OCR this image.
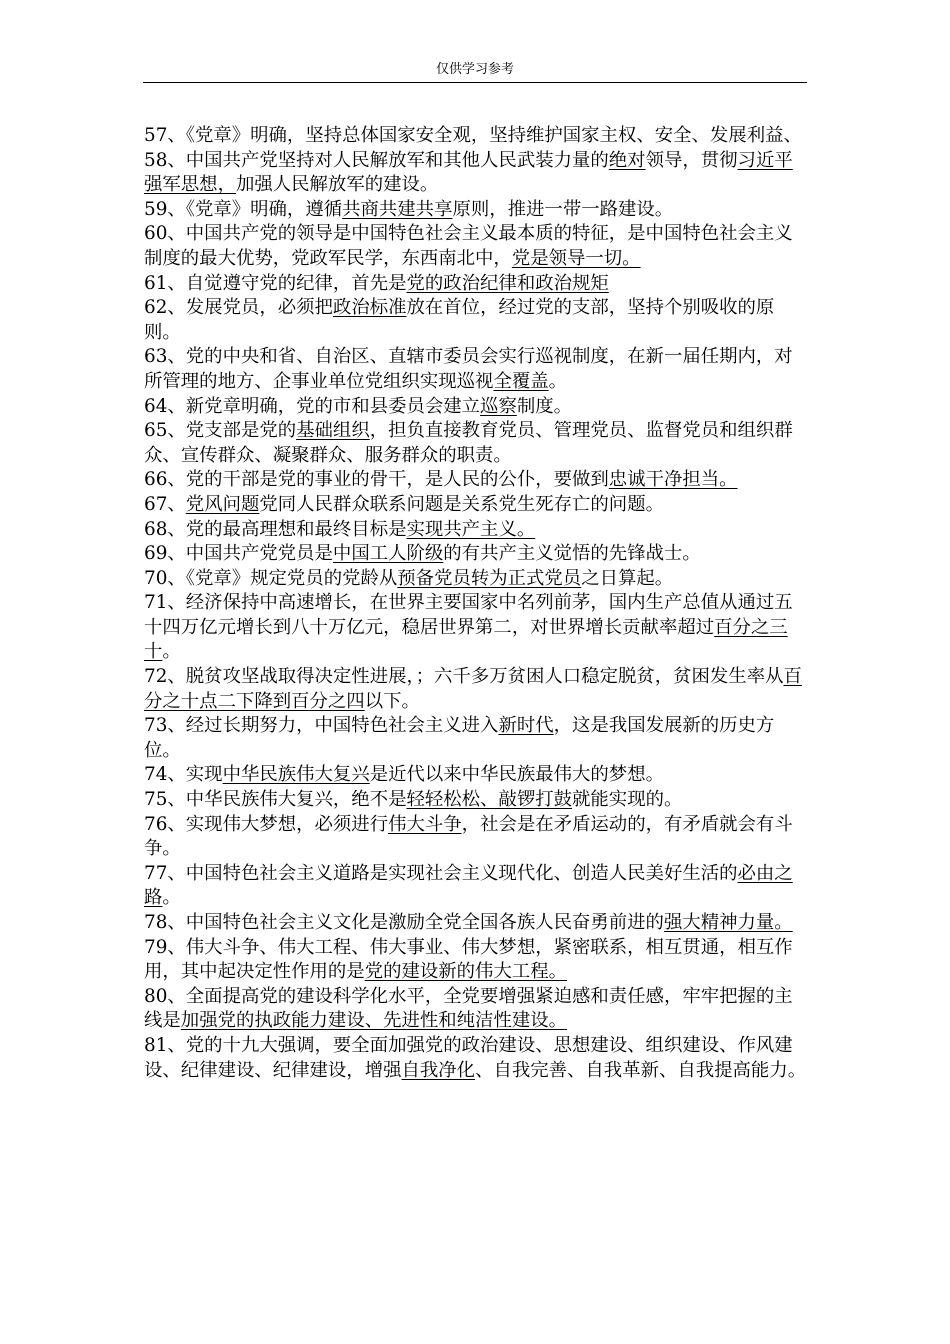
仅供学习参考

57、《党章》明确，坚持总体国家安全观，坚持维护国家主权、安全、发展利益、

58、中国共产党坚持对人民解放军和其他人民武装力量的绝对领导，贯彻习近平强军思想，加强人民解放军的建设。

59、《党章》明确，遵循共商共建共享原则，推进一带一路建设。

60、中国共产党的领导是中国特色社会主义最本质的特征，是中国特色社会主义制度的最大优势，党政军民学，东西南北中，党是领导一切。

61、自觉遵守党的纪律，首先是党的政治纪律和政治规矩

62、发展党员，必须把政治标准放在首位，经过党的支部，坚持个别吸收的原则。

63、党的中央和省、自治区、直辖市委员会实行巡视制度，在新一届任期内，对所管理的地方、企事业单位党组织实现巡视全覆盖。

64、新党章明确，党的市和县委员会建立巡察制度。

65、党支部是党的基础组织，担负直接教育党员、管理党员、监督党员和组织群众、宣传群众、凝聚群众、服务群众的职责。

66、党的干部是党的事业的骨干，是人民的公仆，要做到忠诚干净担当。

67、党风问题党同人民群众联系问题是关系党生死存亡的问题。

68、党的最高理想和最终目标是实现共产主义。

69、中国共产党党员是中国工人阶级的有共产主义觉悟的先锋战士。

70、《党章》规定党员的党龄从预备党员转为正式党员之日算起。

71、经济保持中高速增长，在世界主要国家中名列前茅，国内生产总值从通过五十四万亿元增长到八十万亿元，稳居世界第二，对世界增长贡献率超过百分之三十。

72、脱贫攻坚战取得决定性进展，；六千多万贫困人口稳定脱贫，贫困发生率从百分之十点二下降到百分之四以下。

73、经过长期努力，中国特色社会主义进入新时代，这是我国发展新的历史方位。

74、实现中华民族伟大复兴是近代以来中华民族最伟大的梦想。

75、中华民族伟大复兴，绝不是轻轻松松、敲锣打鼓就能实现的。

76、实现伟大梦想，必须进行伟大斗争，社会是在矛盾运动的，有矛盾就会有斗争。

77、中国特色社会主义道路是实现社会主义现代化、创造人民美好生活的必由之路。

78、中国特色社会主义文化是激励全党全国各族人民奋勇前进的强大精神力量。

79、伟大斗争、伟大工程、伟大事业、伟大梦想，紧密联系，相互贯通，相互作用，其中起决定性作用的是党的建设新的伟大工程。

80、全面提高党的建设科学化水平，全党要增强紧迫感和责任感，牢牢把握的主线是加强党的执政能力建设、先进性和纯洁性建设。

81、党的十九大强调，要全面加强党的政治建设、思想建设、组织建设、作风建设、纪律建设、纪律建设，增强自我净化、自我完善、自我革新、自我提高能力。
